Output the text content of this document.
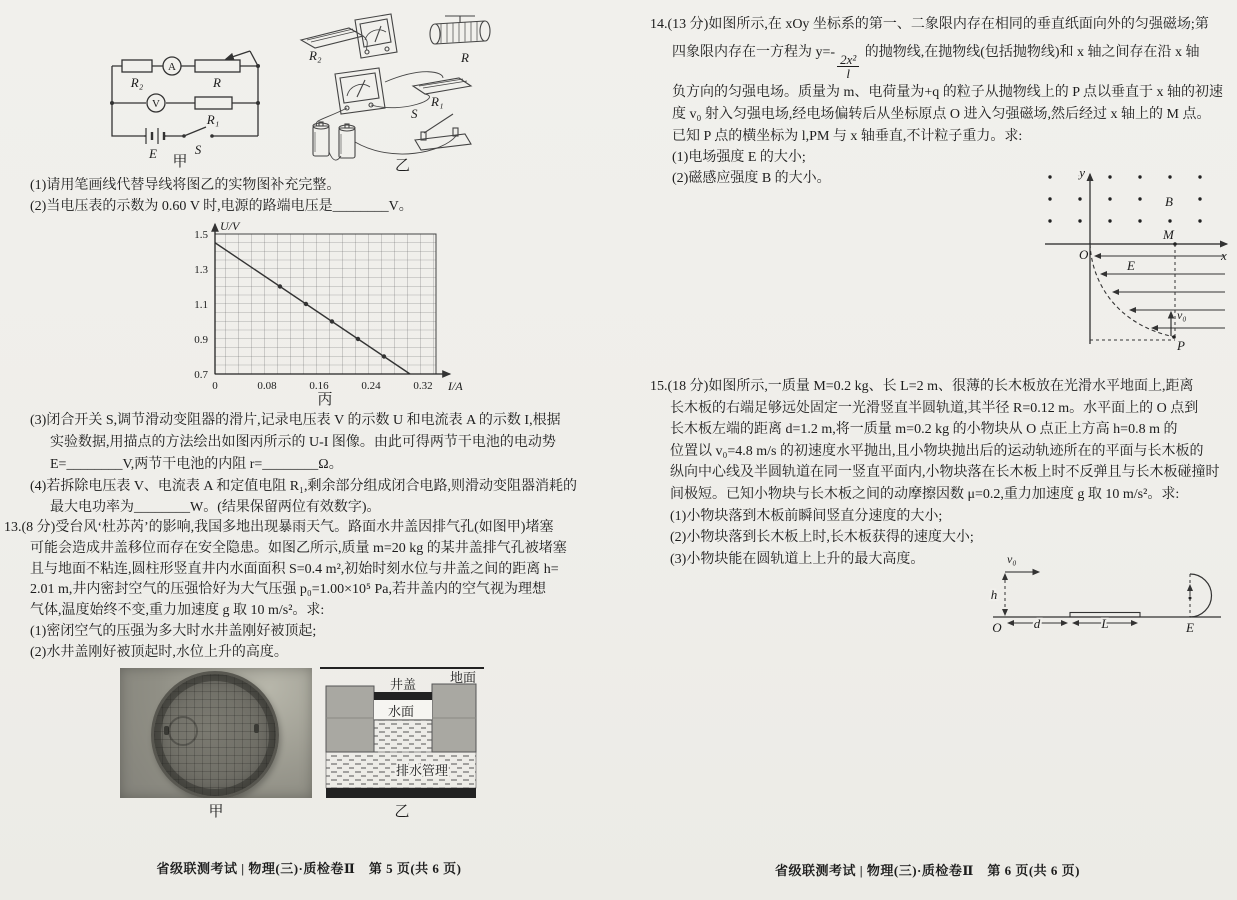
R₂
A
R
V
R₁
E	S
甲
R₂	R
R₁
S
乙
(1)请用笔画线代替导线将图乙的实物图补充完整。
(2)当电压表的示数为 0.60 V 时,电源的路端电压是________V。
0.7
0.9
1.1
1.3
1.5
0	0.08	0.16	0.24	0.32
U/V
I/A
丙
(3)闭合开关 S,调节滑动变阻器的滑片,记录电压表 V 的示数 U 和电流表 A 的示数 I,根据
实验数据,用描点的方法绘出如图丙所示的 U-I 图像。由此可得两节干电池的电动势
E=________V,两节干电池的内阻 r=________Ω。
(4)若拆除电压表 V、电流表 A 和定值电阻 R₁,剩余部分组成闭合电路,则滑动变阻器消耗的
最大电功率为________W。(结果保留两位有效数字)。
13.(8 分)受台风‘杜苏芮’的影响,我国多地出现暴雨天气。路面水井盖因排气孔(如图甲)堵塞
可能会造成井盖移位而存在安全隐患。如图乙所示,质量 m=20 kg 的某井盖排气孔被堵塞
且与地面不粘连,圆柱形竖直井内水面面积 S=0.4 m²,初始时刻水位与井盖之间的距离 h=
2.01 m,井内密封空气的压强恰好为大气压强 p₀=1.00×10⁵ Pa,若井盖内的空气视为理想
气体,温度始终不变,重力加速度 g 取 10 m/s²。求:
(1)密闭空气的压强为多大时水井盖刚好被顶起;
(2)水井盖刚好被顶起时,水位上升的高度。
甲
地面
井盖
水面
排水管理
乙
省级联测考试 | 物理(三)·质检卷Ⅱ　第 5 页(共 6 页)
14.(13 分)如图所示,在 xOy 坐标系的第一、二象限内存在相同的垂直纸面向外的匀强磁场;第
四象限内存在一方程为 y=-
$\frac{\text{2x²}}{l}$
的抛物线,在抛物线(包括抛物线)和 x 轴之间存在沿 x 轴
负方向的匀强电场。质量为 m、电荷量为+q 的粒子从抛物线上的 P 点以垂直于 x 轴的初速
度 v₀ 射入匀强电场,经电场偏转后从坐标原点 O 进入匀强磁场,然后经过 x 轴上的 M 点。
已知 P 点的横坐标为 l,PM 与 x 轴垂直,不计粒子重力。求:
(1)电场强度 E 的大小;
(2)磁感应强度 B 的大小。	y
B
M
O
E
x
v₀
P
15.(18 分)如图所示,一质量 M=0.2 kg、长 L=2 m、很薄的长木板放在光滑水平地面上,距离
长木板的右端足够远处固定一光滑竖直半圆轨道,其半径 R=0.12 m。水平面上的 O 点到
长木板左端的距离 d=1.2 m,将一质量 m=0.2 kg 的小物块从 O 点正上方高 h=0.8 m 的
位置以 v₀=4.8 m/s 的初速度水平抛出,且小物块抛出后的运动轨迹所在的平面与长木板的
纵向中心线及半圆轨道在同一竖直平面内,小物块落在长木板上时不反弹且与长木板碰撞时
间极短。已知小物块与长木板之间的动摩擦因数 μ=0.2,重力加速度 g 取 10 m/s²。求:
(1)小物块落到木板前瞬间竖直分速度的大小;
(2)小物块落到长木板上时,长木板获得的速度大小;
(3)小物块能在圆轨道上上升的最大高度。	v₀
h
O d	L	E
省级联测考试 | 物理(三)·质检卷Ⅱ　第 6 页(共 6 页)
